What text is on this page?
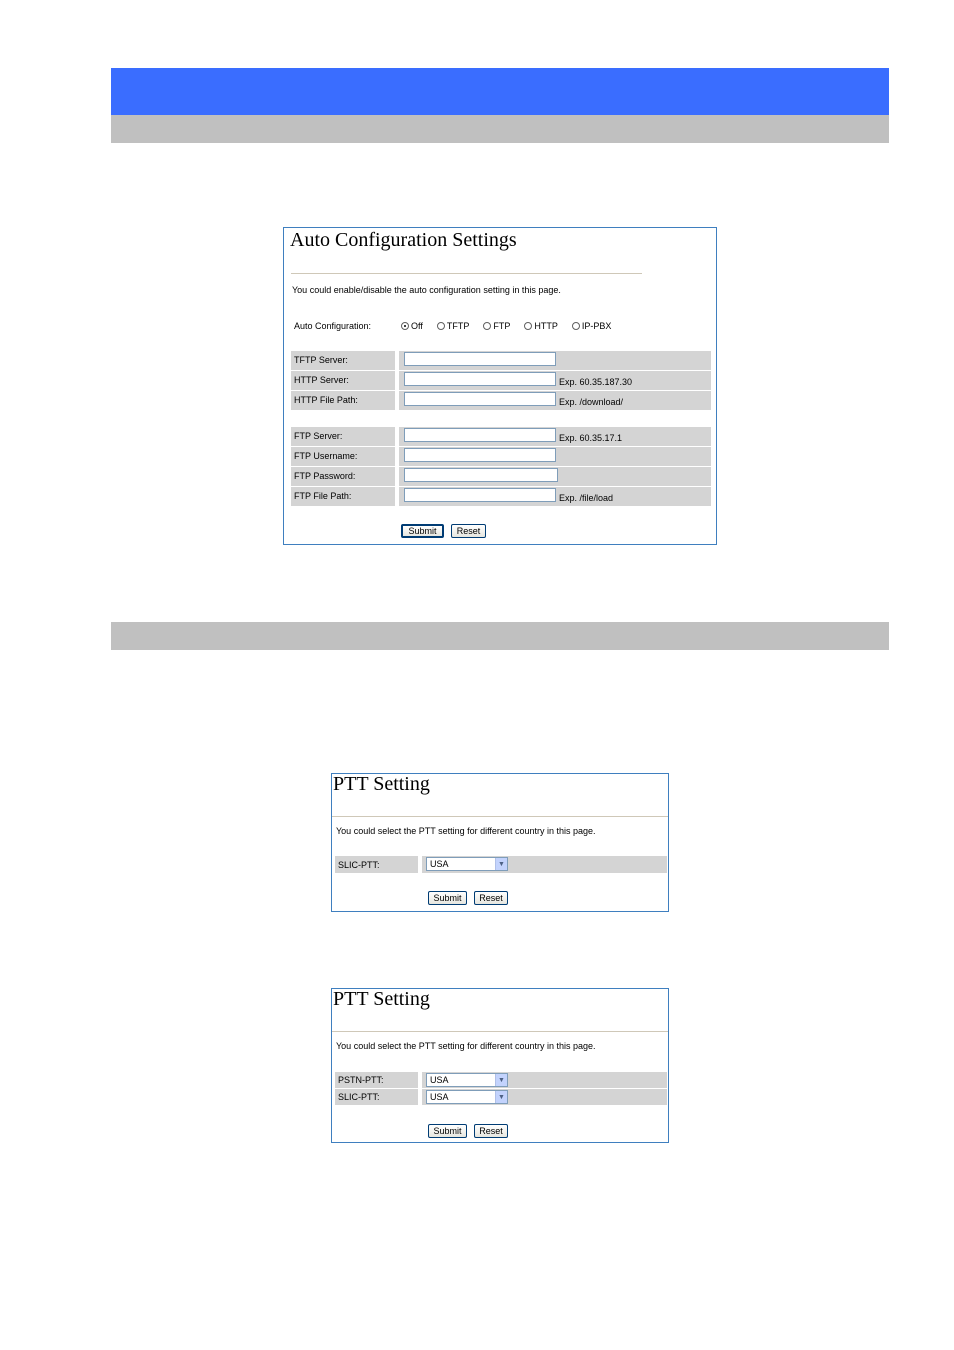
Auto Configuration Settings
You could enable/disable the auto configuration setting in this page.
Auto Configuration:	Off	TFTP	FTP	HTTP	IP-PBX
TFTP Server:
HTTP Server:	Exp. 60.35.187.30
HTTP File Path:	Exp. /download/
FTP Server:	Exp. 60.35.17.1
FTP Username:
FTP Password:
FTP File Path:	Exp. /file/load
Submit	Reset
PTT Setting
You could select the PTT setting for different country in this page.
SLIC-PTT:	USA	▼
Submit	Reset
PTT Setting
You could select the PTT setting for different country in this page.
PSTN-PTT:	USA	▼
SLIC-PTT:	USA	▼
Submit	Reset
